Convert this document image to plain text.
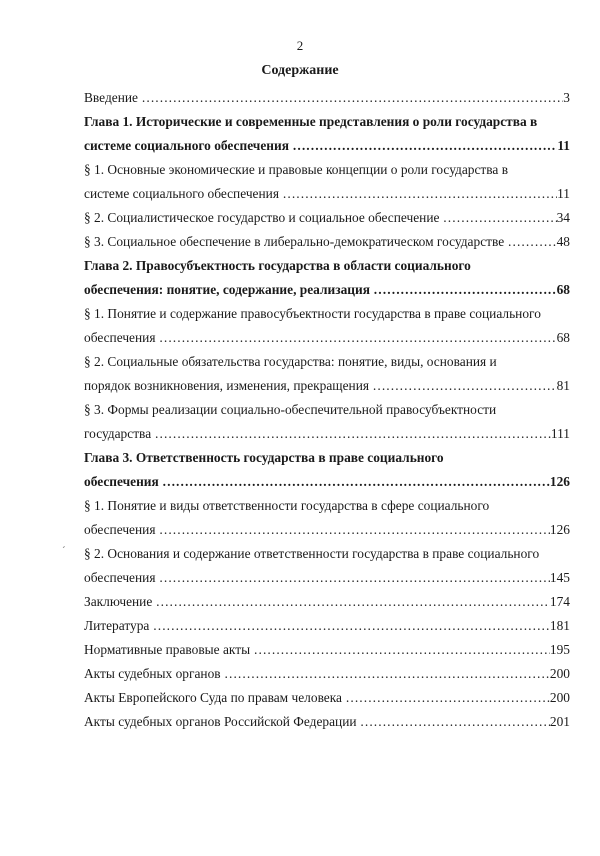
2
Содержание
3
Введение ……………………………………………………………………………………………………………………………………………………………………………………………………
Глава 1. Исторические и современные представления о роли государства в
11
системе социального обеспечения ……………………………………………………………………………………………………………………………………………………………………………………………………
§ 1. Основные экономические и правовые концепции о роли государства в
11
системе социального обеспечения ……………………………………………………………………………………………………………………………………………………………………………………………………
34
§ 2. Социалистическое государство и социальное обеспечение ……………………………………………………………………………………………………………………………………………………………………………………………………
48
§ 3. Социальное обеспечение в либерально-демократическом государстве ……………………………………………………………………………………………………………………………………………………………………………………………………
Глава 2. Правосубъектность государства в области социального
68
обеспечения: понятие, содержание, реализация ……………………………………………………………………………………………………………………………………………………………………………………………………
§ 1. Понятие и содержание правосубъектности государства в праве социального
68
обеспечения ……………………………………………………………………………………………………………………………………………………………………………………………………
§ 2. Социальные обязательства государства: понятие, виды, основания и
81
порядок возникновения, изменения, прекращения ……………………………………………………………………………………………………………………………………………………………………………………………………
§ 3. Формы реализации социально-обеспечительной правосубъектности
111
государства ……………………………………………………………………………………………………………………………………………………………………………………………………
Глава 3. Ответственность государства в праве социального
126
обеспечения ……………………………………………………………………………………………………………………………………………………………………………………………………
§ 1. Понятие и виды ответственности государства в сфере социального
126
обеспечения ……………………………………………………………………………………………………………………………………………………………………………………………………
§ 2. Основания и содержание ответственности государства в праве социального
145
обеспечения ……………………………………………………………………………………………………………………………………………………………………………………………………
174
Заключение ……………………………………………………………………………………………………………………………………………………………………………………………………
181
Литература ……………………………………………………………………………………………………………………………………………………………………………………………………
195
Нормативные правовые акты ……………………………………………………………………………………………………………………………………………………………………………………………………
200
Акты судебных органов ……………………………………………………………………………………………………………………………………………………………………………………………………
200
Акты Европейского Суда по правам человека ……………………………………………………………………………………………………………………………………………………………………………………………………
201
Акты судебных органов Российской Федерации ……………………………………………………………………………………………………………………………………………………………………………………………………
´
